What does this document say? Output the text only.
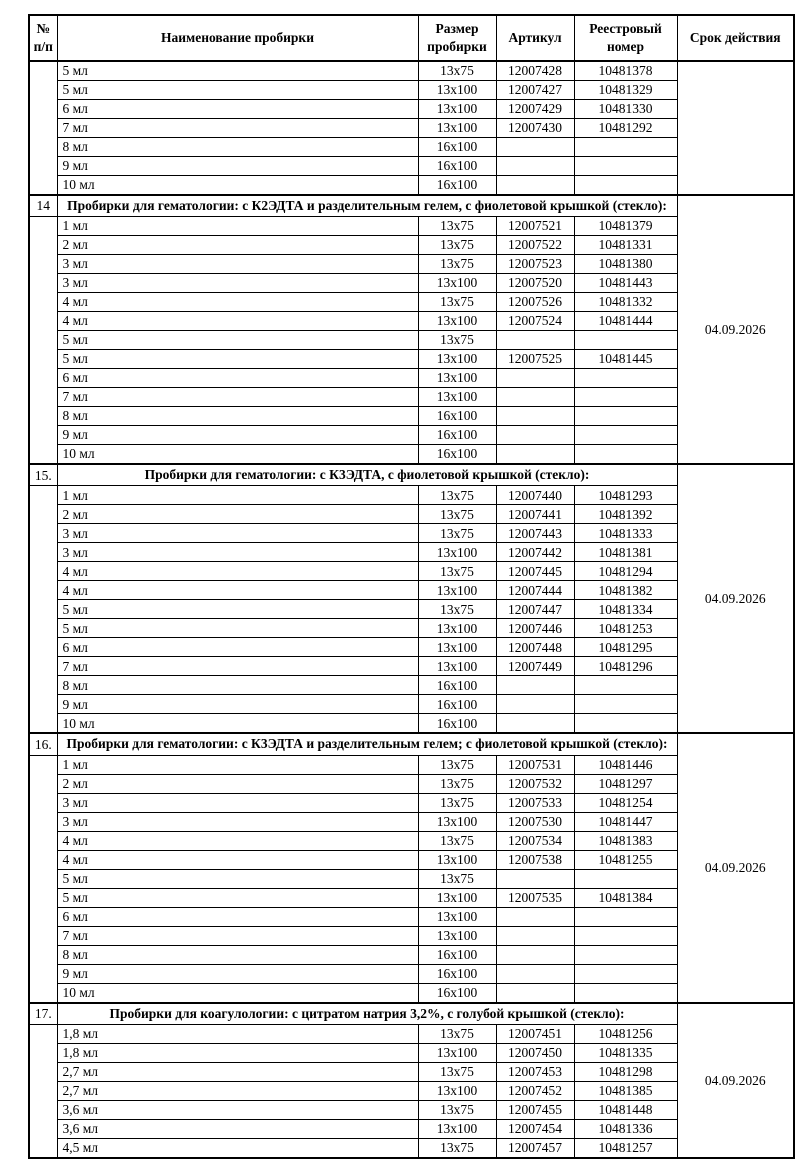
№ п/п	Наименование пробирки	Размер пробирки	Артикул	Реестровый номер	Срок действия
	5 мл	13x75	12007428	10481378	
	5 мл	13x100	12007427	10481329	
	6 мл	13x100	12007429	10481330	
	7 мл	13x100	12007430	10481292	
	8 мл	16x100			
	9 мл	16x100			
	10 мл	16x100			
14	Пробирки для гематологии: с К2ЭДТА и разделительным гелем, с фиолетовой крышкой (стекло):				04.09.2026
	1 мл	13x75	12007521	10481379	
	2 мл	13x75	12007522	10481331	
	3 мл	13x75	12007523	10481380	
	3 мл	13x100	12007520	10481443	
	4 мл	13x75	12007526	10481332	
	4 мл	13x100	12007524	10481444	
	5 мл	13x75			
	5 мл	13x100	12007525	10481445	
	6 мл	13x100			
	7 мл	13x100			
	8 мл	16x100			
	9 мл	16x100			
	10 мл	16x100			
15.	Пробирки для гематологии: с К3ЭДТА, с фиолетовой крышкой (стекло):				04.09.2026
	1 мл	13x75	12007440	10481293	
	2 мл	13x75	12007441	10481392	
	3 мл	13x75	12007443	10481333	
	3 мл	13x100	12007442	10481381	
	4 мл	13x75	12007445	10481294	
	4 мл	13x100	12007444	10481382	
	5 мл	13x75	12007447	10481334	
	5 мл	13x100	12007446	10481253	
	6 мл	13x100	12007448	10481295	
	7 мл	13x100	12007449	10481296	
	8 мл	16x100			
	9 мл	16x100			
	10 мл	16x100			
16.	Пробирки для гематологии: с К3ЭДТА и разделительным гелем; с фиолетовой крышкой (стекло):				04.09.2026
	1 мл	13x75	12007531	10481446	
	2 мл	13x75	12007532	10481297	
	3 мл	13x75	12007533	10481254	
	3 мл	13x100	12007530	10481447	
	4 мл	13x75	12007534	10481383	
	4 мл	13x100	12007538	10481255	
	5 мл	13x75			
	5 мл	13x100	12007535	10481384	
	6 мл	13x100			
	7 мл	13x100			
	8 мл	16x100			
	9 мл	16x100			
	10 мл	16x100			
17.	Пробирки для коагулологии: с цитратом натрия 3,2%, с голубой крышкой (стекло):				04.09.2026
	1,8 мл	13x75	12007451	10481256	
	1,8 мл	13x100	12007450	10481335	
	2,7 мл	13x75	12007453	10481298	
	2,7 мл	13x100	12007452	10481385	
	3,6 мл	13x75	12007455	10481448	
	3,6 мл	13x100	12007454	10481336	
	4,5 мл	13x75	12007457	10481257	
